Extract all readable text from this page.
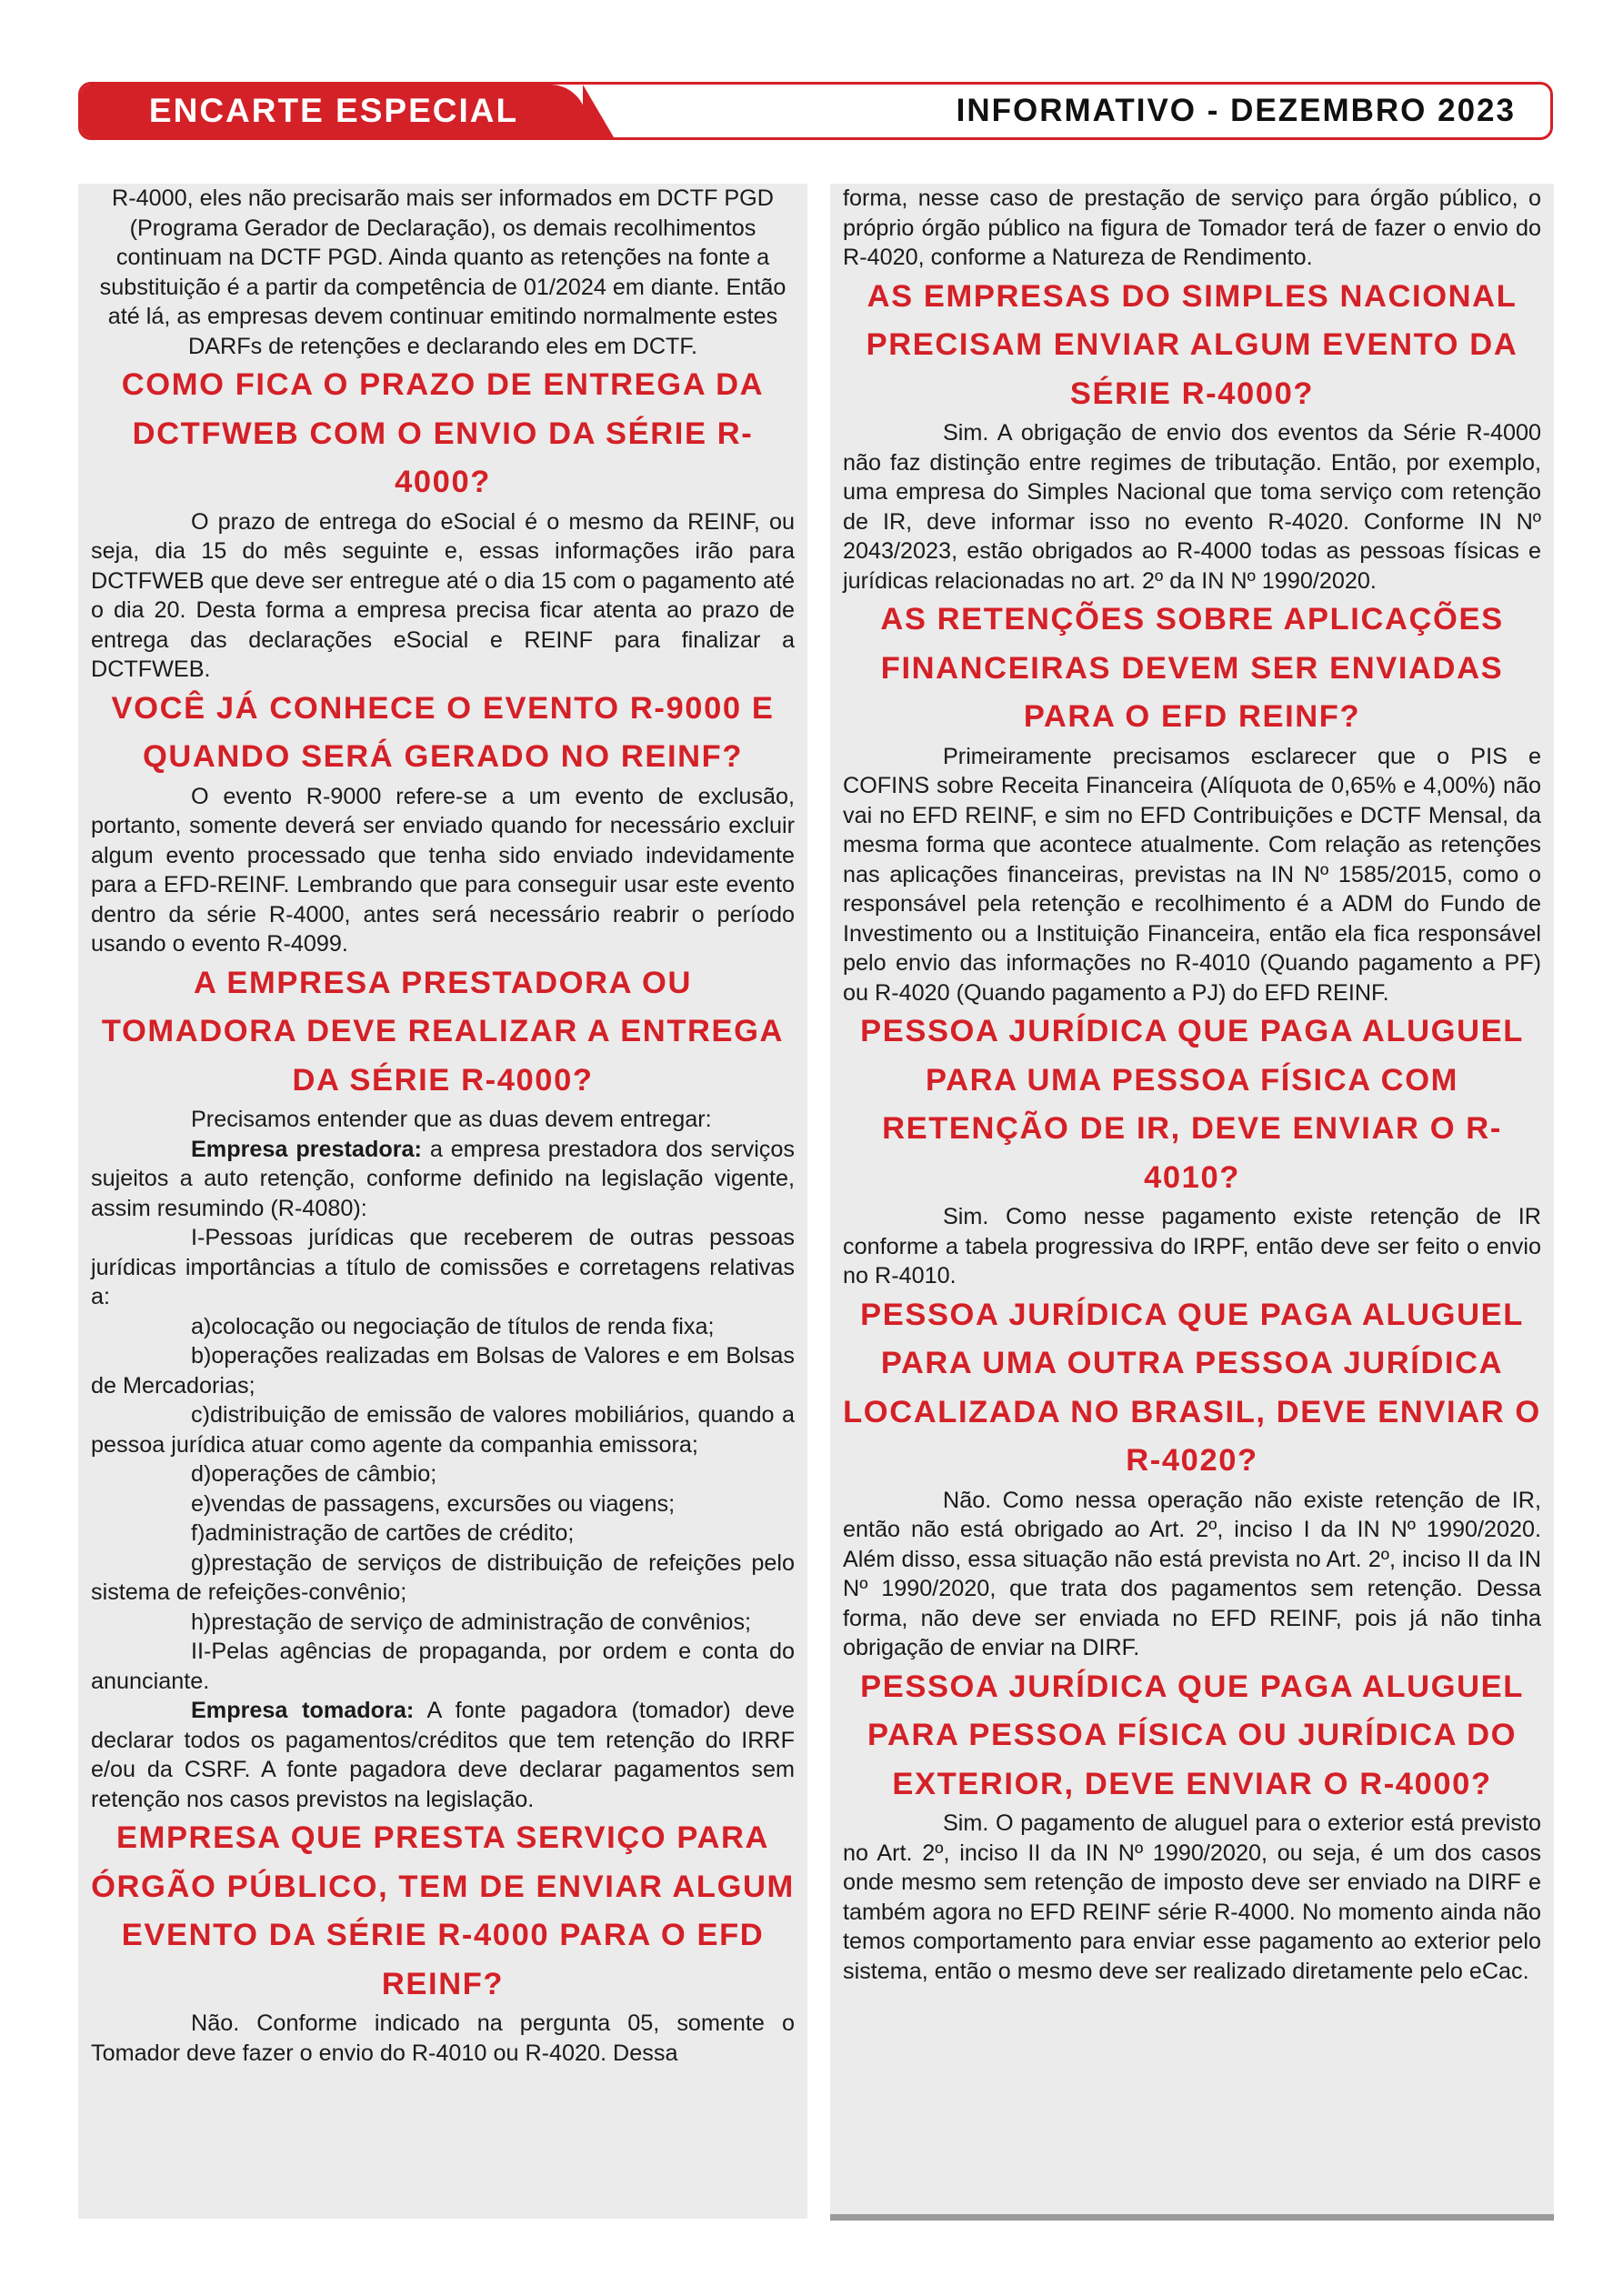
ENCARTE ESPECIAL	INFORMATIVO - DEZEMBRO 2023

R-4000, eles não precisarão mais ser informados em DCTF PGD (Programa Gerador de Declaração), os demais recolhimentos continuam na DCTF PGD. Ainda quanto as retenções na fonte a substituição é a partir da competência de 01/2024 em diante. Então até lá, as empresas devem continuar emitindo normalmente estes DARFs de retenções e declarando eles em DCTF.

COMO FICA O PRAZO DE ENTREGA DA DCTFWEB COM O ENVIO DA SÉRIE R-4000?

O prazo de entrega do eSocial é o mesmo da REINF, ou seja, dia 15 do mês seguinte e, essas informações irão para DCTFWEB que deve ser entregue até o dia 15 com o pagamento até o dia 20. Desta forma a empresa precisa ficar atenta ao prazo de entrega das declarações eSocial e REINF para finalizar a DCTFWEB.

VOCÊ JÁ CONHECE O EVENTO R-9000 E QUANDO SERÁ GERADO NO REINF?

O evento R-9000 refere-se a um evento de exclusão, portanto, somente deverá ser enviado quando for necessário excluir algum evento processado que tenha sido enviado indevidamente para a EFD-REINF. Lembrando que para conseguir usar este evento dentro da série R-4000, antes será necessário reabrir o período usando o evento R-4099.

A EMPRESA PRESTADORA OU TOMADORA DEVE REALIZAR A ENTREGA DA SÉRIE R-4000?

Precisamos entender que as duas devem entregar:

Empresa prestadora: a empresa prestadora dos serviços sujeitos a auto retenção, conforme definido na legislação vigente, assim resumindo (R-4080):

I-Pessoas jurídicas que receberem de outras pessoas jurídicas importâncias a título de comissões e corretagens relativas a:

a)colocação ou negociação de títulos de renda fixa;

b)operações realizadas em Bolsas de Valores e em Bolsas de Mercadorias;

c)distribuição de emissão de valores mobiliários, quando a pessoa jurídica atuar como agente da companhia emissora;

d)operações de câmbio;

e)vendas de passagens, excursões ou viagens;

f)administração de cartões de crédito;

g)prestação de serviços de distribuição de refeições pelo sistema de refeições-convênio;

h)prestação de serviço de administração de convênios;

II-Pelas agências de propaganda, por ordem e conta do anunciante.

Empresa tomadora: A fonte pagadora (tomador) deve declarar todos os pagamentos/créditos que tem retenção do IRRF e/ou da CSRF. A fonte pagadora deve declarar pagamentos sem retenção nos casos previstos na legislação.

EMPRESA QUE PRESTA SERVIÇO PARA ÓRGÃO PÚBLICO, TEM DE ENVIAR ALGUM EVENTO DA SÉRIE R-4000 PARA O EFD REINF?

Não. Conforme indicado na pergunta 05, somente o Tomador deve fazer o envio do R-4010 ou R-4020. Dessa

forma, nesse caso de prestação de serviço para órgão público, o próprio órgão público na figura de Tomador terá de fazer o envio do R-4020, conforme a Natureza de Rendimento.

AS EMPRESAS DO SIMPLES NACIONAL PRECISAM ENVIAR ALGUM EVENTO DA SÉRIE R-4000?

Sim. A obrigação de envio dos eventos da Série R-4000 não faz distinção entre regimes de tributação. Então, por exemplo, uma empresa do Simples Nacional que toma serviço com retenção de IR, deve informar isso no evento R-4020. Conforme IN Nº 2043/2023, estão obrigados ao R-4000 todas as pessoas físicas e jurídicas relacionadas no art. 2º da IN Nº 1990/2020.

AS RETENÇÕES SOBRE APLICAÇÕES FINANCEIRAS DEVEM SER ENVIADAS PARA O EFD REINF?

Primeiramente precisamos esclarecer que o PIS e COFINS sobre Receita Financeira (Alíquota de 0,65% e 4,00%) não vai no EFD REINF, e sim no EFD Contribuições e DCTF Mensal, da mesma forma que acontece atualmente. Com relação as retenções nas aplicações financeiras, previstas na IN Nº 1585/2015, como o responsável pela retenção e recolhimento é a ADM do Fundo de Investimento ou a Instituição Financeira, então ela fica responsável pelo envio das informações no R-4010 (Quando pagamento a PF) ou R-4020 (Quando pagamento a PJ) do EFD REINF.

PESSOA JURÍDICA QUE PAGA ALUGUEL PARA UMA PESSOA FÍSICA COM RETENÇÃO DE IR, DEVE ENVIAR O R-4010?

Sim. Como nesse pagamento existe retenção de IR conforme a tabela progressiva do IRPF, então deve ser feito o envio no R-4010.

PESSOA JURÍDICA QUE PAGA ALUGUEL PARA UMA OUTRA PESSOA JURÍDICA LOCALIZADA NO BRASIL, DEVE ENVIAR O R-4020?

Não. Como nessa operação não existe retenção de IR, então não está obrigado ao Art. 2º, inciso I da IN Nº 1990/2020. Além disso, essa situação não está prevista no Art. 2º, inciso II da IN Nº 1990/2020, que trata dos pagamentos sem retenção. Dessa forma, não deve ser enviada no EFD REINF, pois já não tinha obrigação de enviar na DIRF.

PESSOA JURÍDICA QUE PAGA ALUGUEL PARA PESSOA FÍSICA OU JURÍDICA DO EXTERIOR, DEVE ENVIAR O R-4000?

Sim. O pagamento de aluguel para o exterior está previsto no Art. 2º, inciso II da IN Nº 1990/2020, ou seja, é um dos casos onde mesmo sem retenção de imposto deve ser enviado na DIRF e também agora no EFD REINF série R-4000. No momento ainda não temos comportamento para enviar esse pagamento ao exterior pelo sistema, então o mesmo deve ser realizado diretamente pelo eCac.
